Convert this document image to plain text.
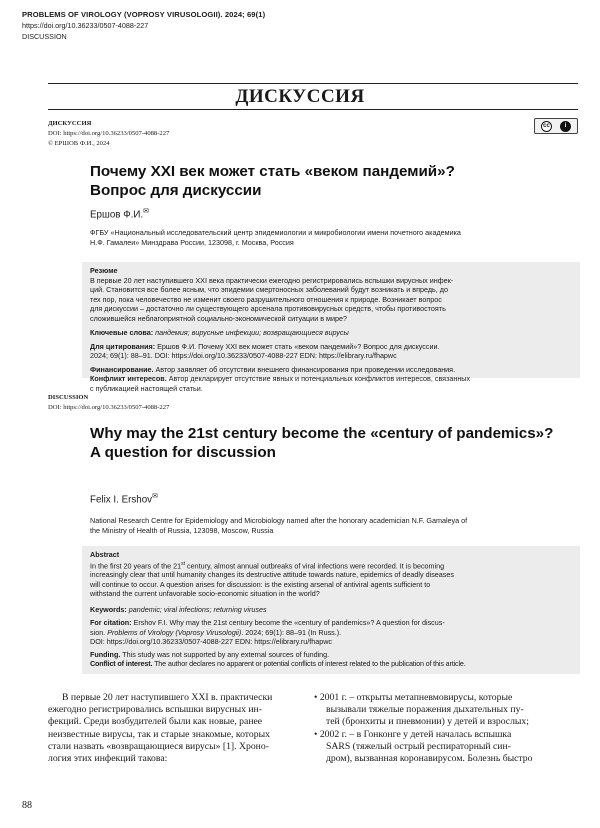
PROBLEMS OF VIROLOGY (VOPROSY VIRUSOLOGII). 2024; 69(1)
https://doi.org/10.36233/0507-4088-227
DISCUSSION
ДИСКУССИЯ
ДИСКУССИЯ
DOI: https://doi.org/10.36233/0507-4088-227
© ЕРШОВ Ф.И., 2024
cc	i
Почему XXI век может стать «веком пандемий»?
Вопрос для дискуссии
Ершов Ф.И.✉
ФГБУ «Национальный исследовательский центр эпидемиологии и микробиологии имени почетного академика
Н.Ф. Гамалеи» Минздрава России, 123098, г. Москва, Россия
Резюме
В первые 20 лет наступившего XXI века практически ежегодно регистрировались вспышки вирусных инфек-
ций. Становится все более ясным, что эпидемии смертоносных заболеваний будут возникать и впредь, до
тех пор, пока человечество не изменит своего разрушительного отношения к природе. Возникает вопрос
для дискуссии – достаточно ли существующего арсенала противовирусных средств, чтобы противостоять
сложившейся неблагоприятной социально-экономической ситуации в мире?
Ключевые слова: пандемия; вирусные инфекции; возвращающиеся вирусы
Для цитирования: Ершов Ф.И. Почему XXI век может стать «веком пандемий»? Вопрос для дискуссии.
2024; 69(1): 88–91. DOI: https://doi.org/10.36233/0507-4088-227 EDN: https://elibrary.ru/fhapwc
Финансирование. Автор заявляет об отсутствии внешнего финансирования при проведении исследования.
Конфликт интересов. Автор декларирует отсутствие явных и потенциальных конфликтов интересов, связанных
с публикацией настоящей статьи.
DISCUSSION
DOI: https://doi.org/10.36233/0507-4088-227
Why may the 21st century become the «century of pandemics»?
A question for discussion
Felix I. Ershov✉
National Research Centre for Epidemiology and Microbiology named after the honorary academician N.F. Gamaleya of
the Ministry of Health of Russia, 123098, Moscow, Russia
Abstract
In the first 20 years of the 21st century, almost annual outbreaks of viral infections were recorded. It is becoming
increasingly clear that until humanity changes its destructive attitude towards nature, epidemics of deadly diseases
will continue to occur. A question arises for discussion: is the existing arsenal of antiviral agents sufficient to
withstand the current unfavorable socio-economic situation in the world?
Keywords: pandemic; viral infections; returning viruses
For citation: Ershov F.I. Why may the 21st century become the «century of pandemics»? A question for discus-
sion. Problems of Virology (Voprosy Virusologii). 2024; 69(1): 88–91 (In Russ.).
DOI: https://doi.org/10.36233/0507-4088-227 EDN: https://elibrary.ru/fhapwc
Funding. This study was not supported by any external sources of funding.
Conflict of interest. The author declares no apparent or potential conflicts of interest related to the publication of this article.
В первые 20 лет наступившего XXI в. практически
ежегодно регистрировались вспышки вирусных ин-
фекций. Среди возбудителей были как новые, ранее
неизвестные вирусы, так и старые знакомые, которых
стали назвать «возвращающиеся вирусы» [1]. Хроно-
логия этих инфекций такова:
• 2001 г. – открыты метапневмовирусы, которые
вызывали тяжелые поражения дыхательных пу-
тей (бронхиты и пневмонии) у детей и взрослых;
• 2002 г. – в Гонконге у детей началась вспышка
SARS (тяжелый острый респираторный син-
дром), вызванная коронавирусом. Болезнь быстро
88
